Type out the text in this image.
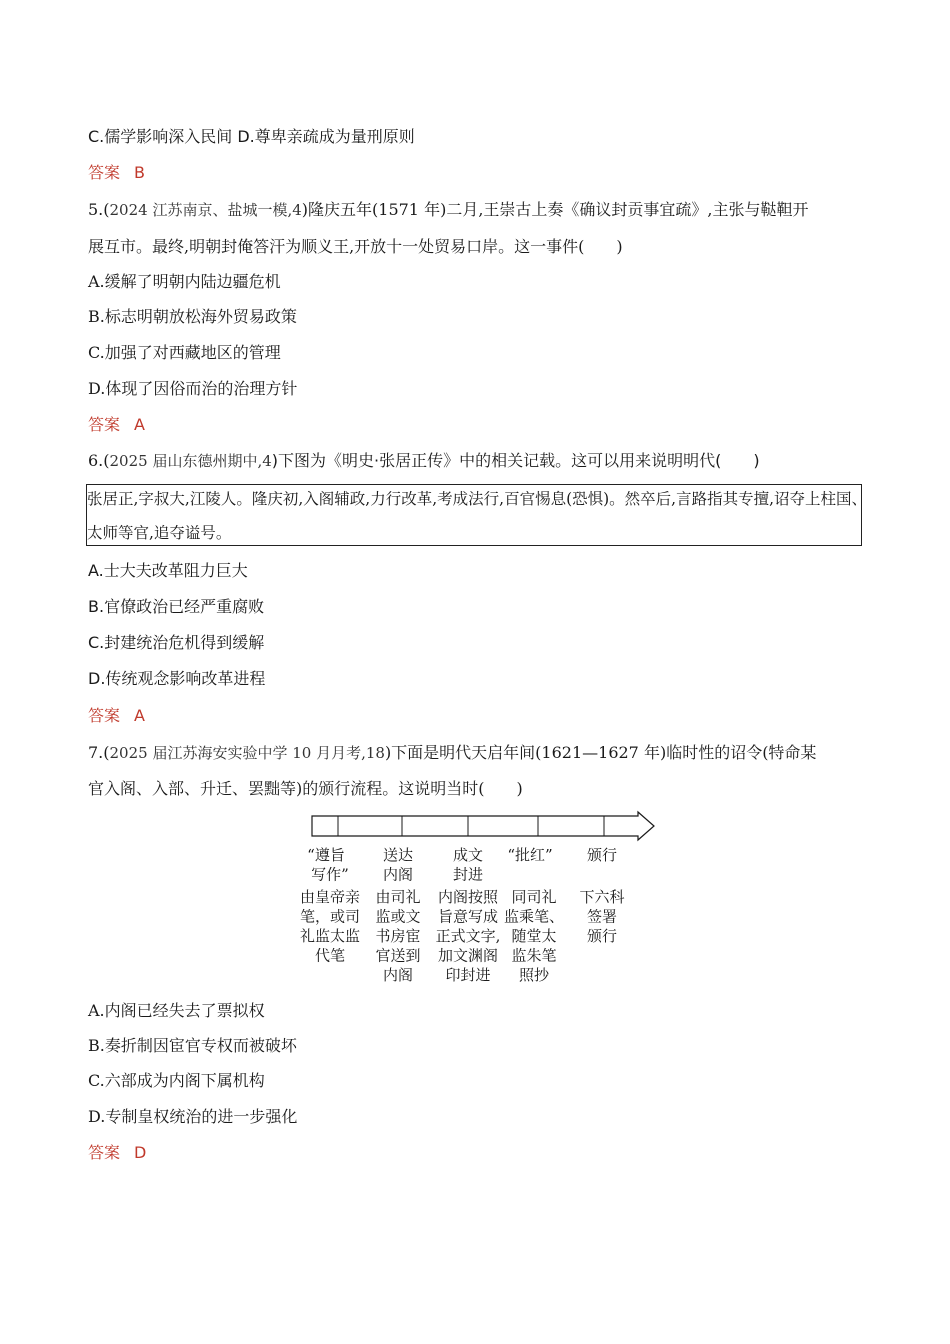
C.儒学影响深入民间 D.尊卑亲疏成为量刑原则
答案 B
5.(2024 江苏南京、盐城一模,4)隆庆五年(1571 年)二月,王崇古上奏《确议封贡事宜疏》,主张与鞑靼开
展互市。最终,明朝封俺答汗为顺义王,开放十一处贸易口岸。这一事件(　　)
A.缓解了明朝内陆边疆危机
B.标志明朝放松海外贸易政策
C.加强了对西藏地区的管理
D.体现了因俗而治的治理方针
答案 A
6.(2025 届山东德州期中,4)下图为《明史·张居正传》中的相关记载。这可以用来说明明代(　　)
张居正,字叔大,江陵人。隆庆初,入阁辅政,力行改革,考成法行,百官惕息(恐惧)。然卒后,言路指其专擅,诏夺上柱国、
太师等官,追夺谥号。
A.士大夫改革阻力巨大
B.官僚政治已经严重腐败
C.封建统治危机得到缓解
D.传统观念影响改革进程
答案 A
7.(2025 届江苏海安实验中学 10 月月考,18)下面是明代天启年间(1621—1627 年)临时性的诏令(特命某
官入阁、入部、升迁、罢黜等)的颁行流程。这说明当时(　　)
“遵旨
写作”
由皇帝亲
笔，或司
礼监太监
代笔
送达
内阁
由司礼
监或文
书房宦
官送到
内阁
成文
封进
内阁按照
旨意写成
正式文字,
加文渊阁
印封进
“批红”
同司礼
监乘笔、
随堂太
监朱笔
照抄
颁行
下六科
签署
颁行
A.内阁已经失去了票拟权
B.奏折制因宦官专权而被破坏
C.六部成为内阁下属机构
D.专制皇权统治的进一步强化
答案 D
